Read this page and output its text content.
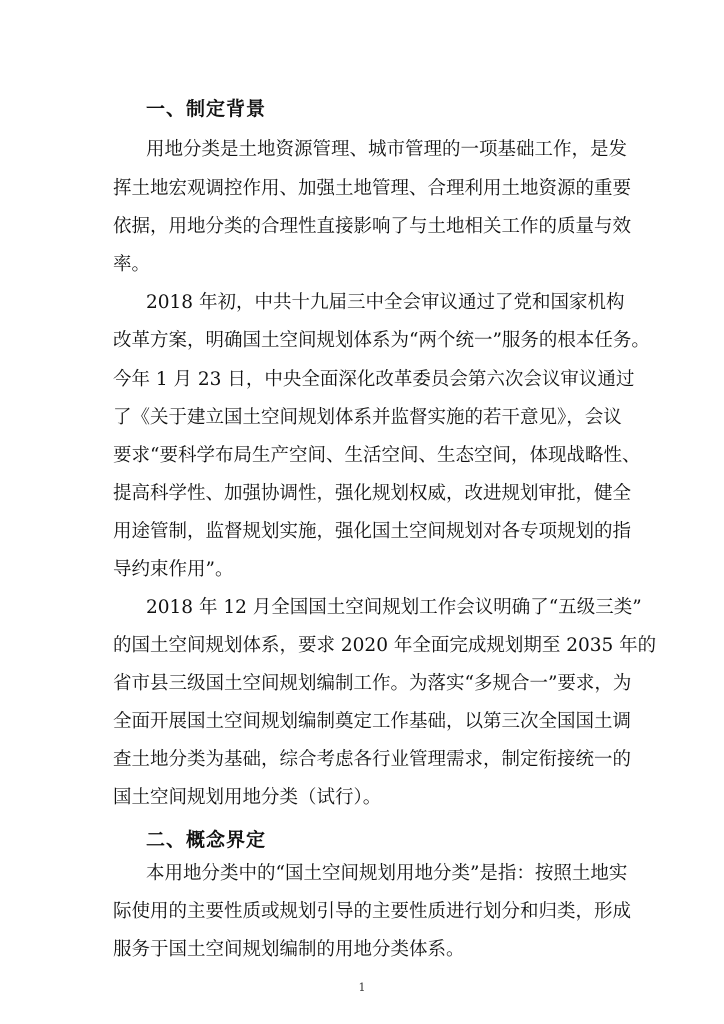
一、制定背景
用地分类是土地资源管理、城市管理的一项基础工作，是发
挥土地宏观调控作用、加强土地管理、合理利用土地资源的重要
依据，用地分类的合理性直接影响了与土地相关工作的质量与效
率。
2018 年初，中共十九届三中全会审议通过了党和国家机构
改革方案，明确国土空间规划体系为“两个统一”服务的根本任务。
今年 1 月 23 日，中央全面深化改革委员会第六次会议审议通过
了《关于建立国土空间规划体系并监督实施的若干意见》，会议
要求“要科学布局生产空间、生活空间、生态空间，体现战略性、
提高科学性、加强协调性，强化规划权威，改进规划审批，健全
用途管制，监督规划实施，强化国土空间规划对各专项规划的指
导约束作用”。
2018 年 12 月全国国土空间规划工作会议明确了“五级三类”
的国土空间规划体系，要求 2020 年全面完成规划期至 2035 年的
省市县三级国土空间规划编制工作。为落实“多规合一”要求，为
全面开展国土空间规划编制奠定工作基础，以第三次全国国土调
查土地分类为基础，综合考虑各行业管理需求，制定衔接统一的
国土空间规划用地分类（试行）。
二、概念界定
本用地分类中的“国土空间规划用地分类”是指：按照土地实
际使用的主要性质或规划引导的主要性质进行划分和归类，形成
服务于国土空间规划编制的用地分类体系。
1
